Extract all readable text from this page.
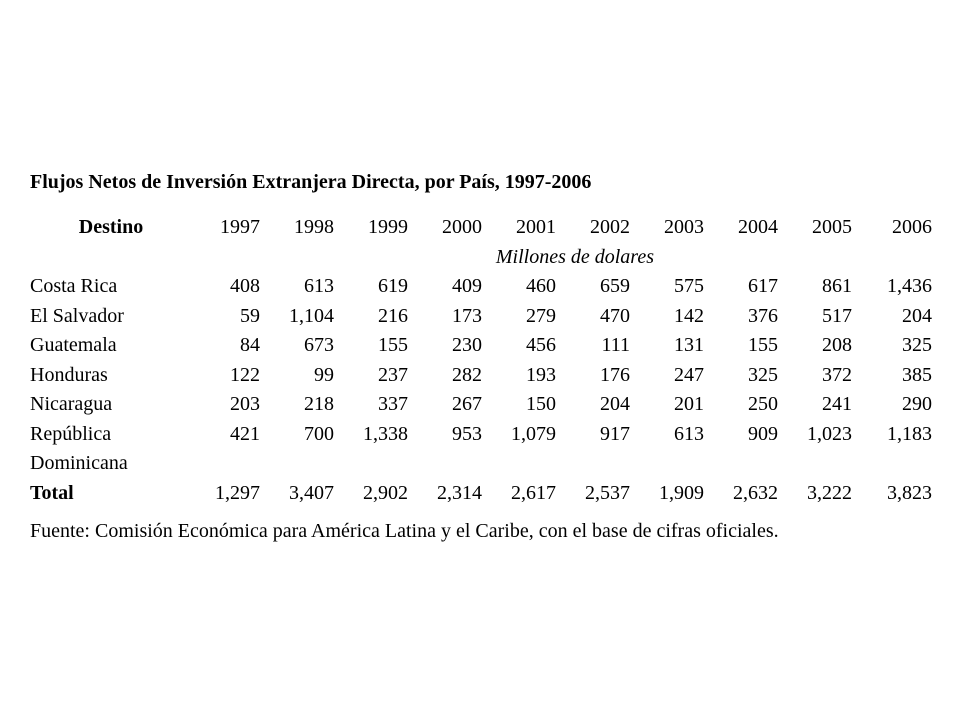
Flujos Netos de Inversión Extranjera Directa, por País, 1997-2006
Destino	1997	1998	1999	2000	2001	2002	2003	2004	2005	2006
Millones de dolares										
Costa Rica	408	613	619	409	460	659	575	617	861	1,436
El Salvador	59	1,104	216	173	279	470	142	376	517	204
Guatemala	84	673	155	230	456	111	131	155	208	325
Honduras	122	99	237	282	193	176	247	325	372	385
Nicaragua	203	218	337	267	150	204	201	250	241	290
República	421	700	1,338	953	1,079	917	613	909	1,023	1,183
Dominicana										
Total	1,297	3,407	2,902	2,314	2,617	2,537	1,909	2,632	3,222	3,823
Fuente: Comisión Económica para América Latina y el Caribe, con el base de cifras oficiales.
